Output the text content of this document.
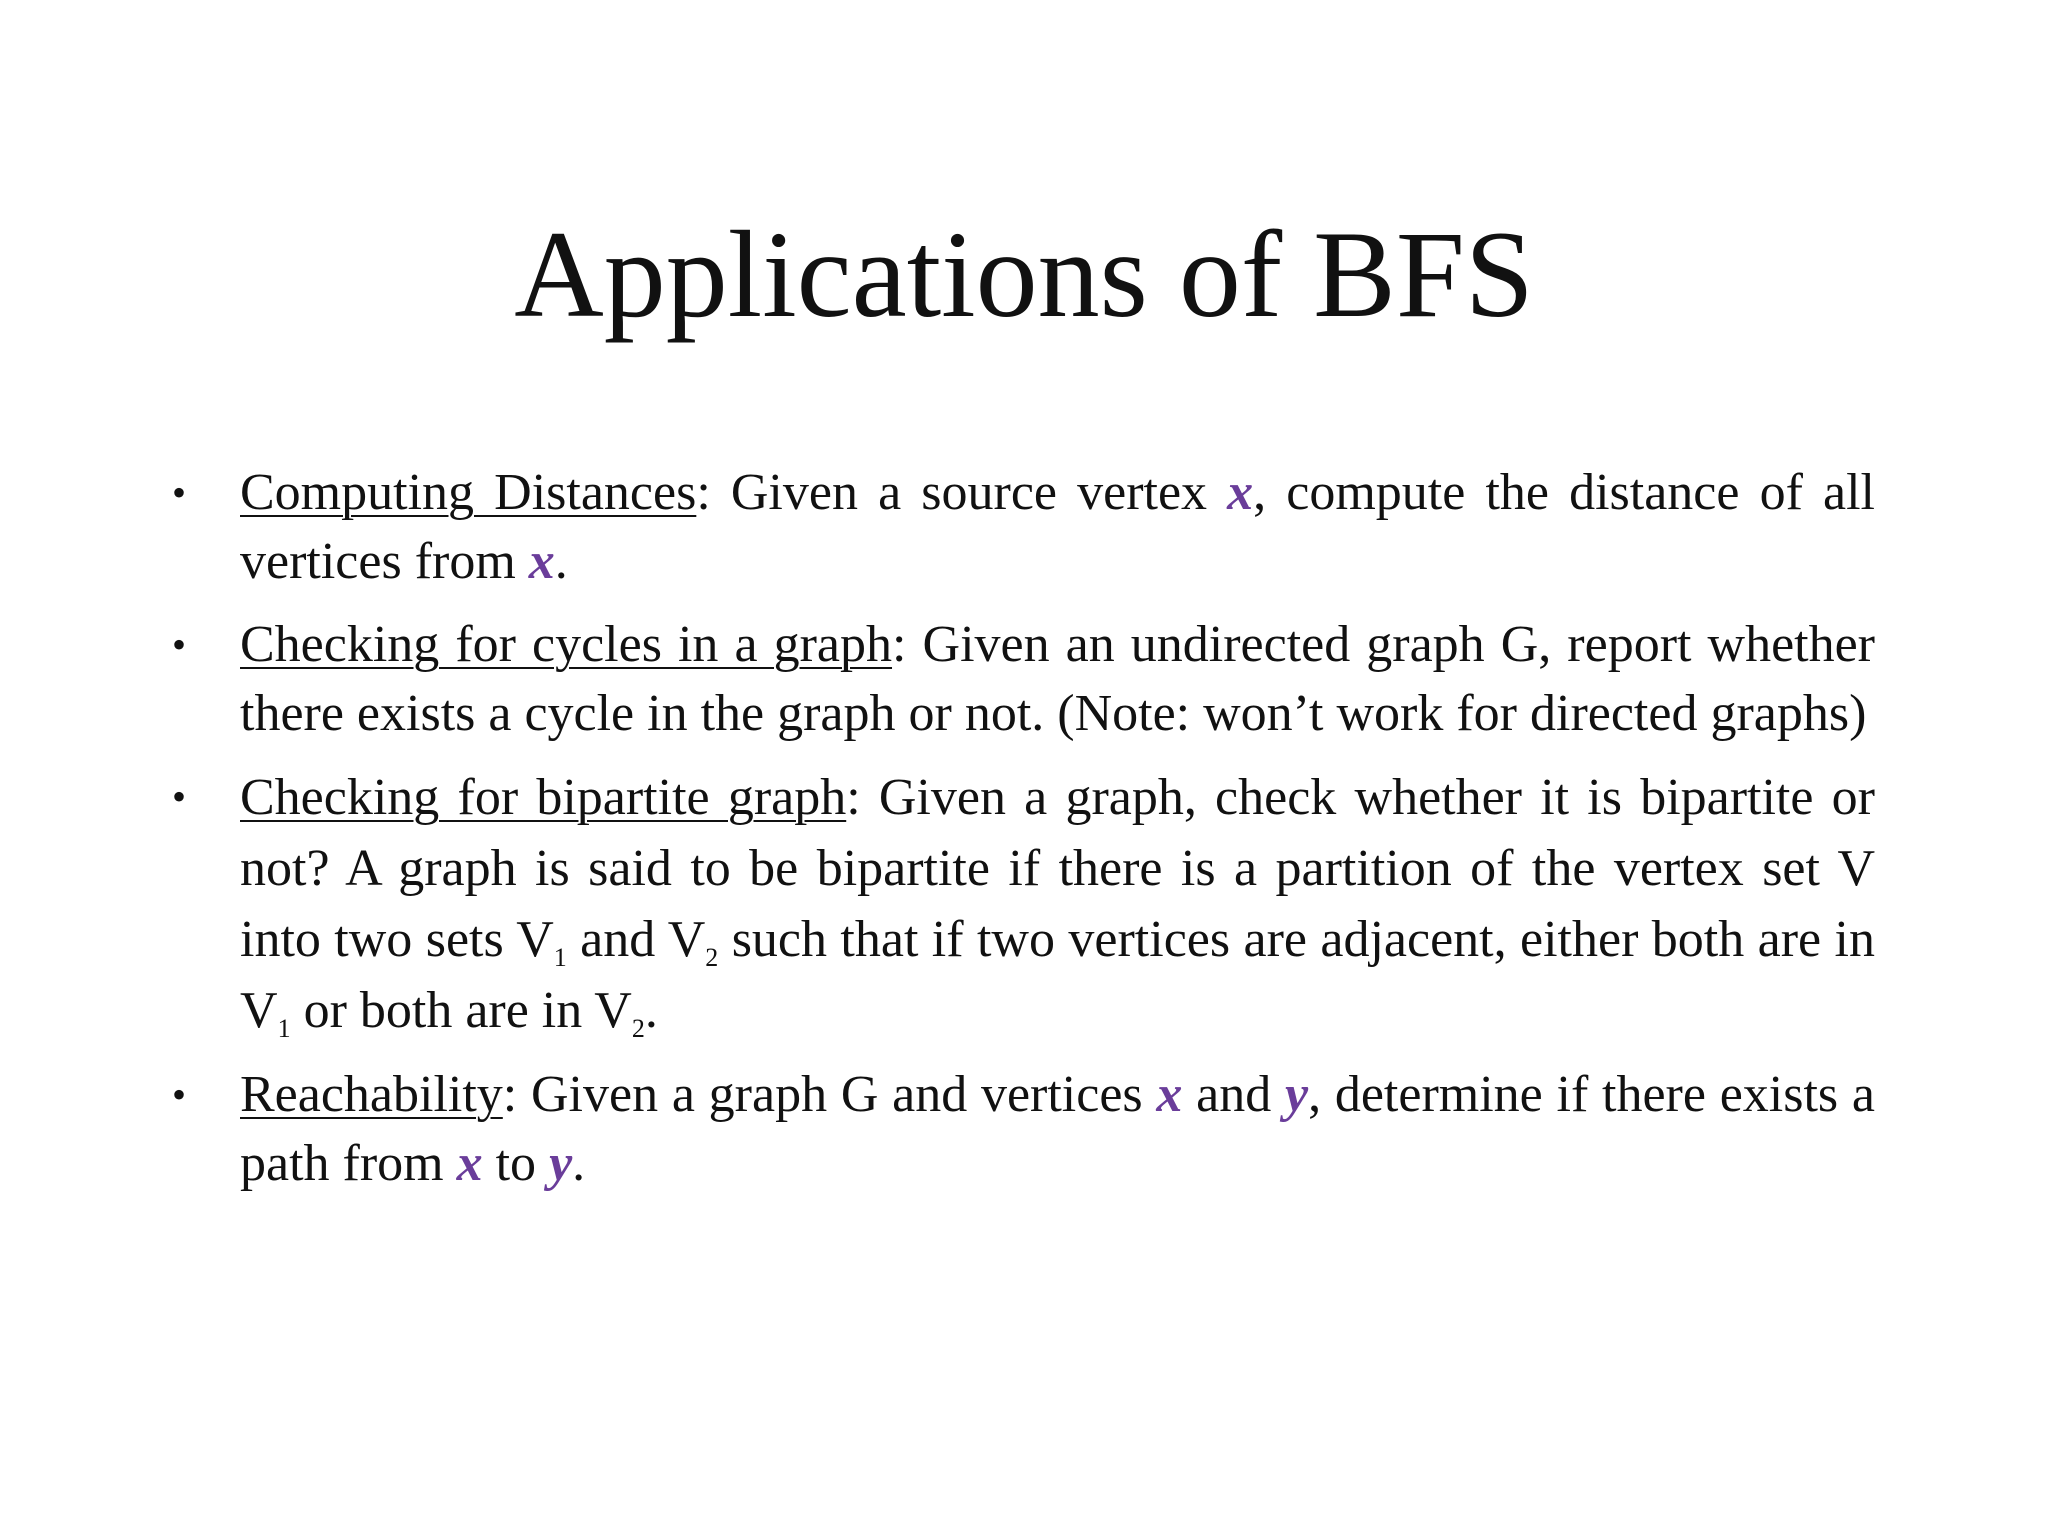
Applications of BFS
• Computing Distances: Given a source vertex x, compute the distance of all vertices from x.
• Checking for cycles in a graph: Given an undirected graph G, report whether there exists a cycle in the graph or not. (Note: won’t work for directed graphs)
• Checking for bipartite graph: Given a graph, check whether it is bipartite or not? A graph is said to be bipartite if there is a partition of the vertex set V into two sets $V_1$ and $V_2$ such that if two vertices are adjacent, either both are in $V_1$ or both are in $V_2$.
• Reachability: Given a graph G and vertices x and y, determine if there exists a path from x to y.
